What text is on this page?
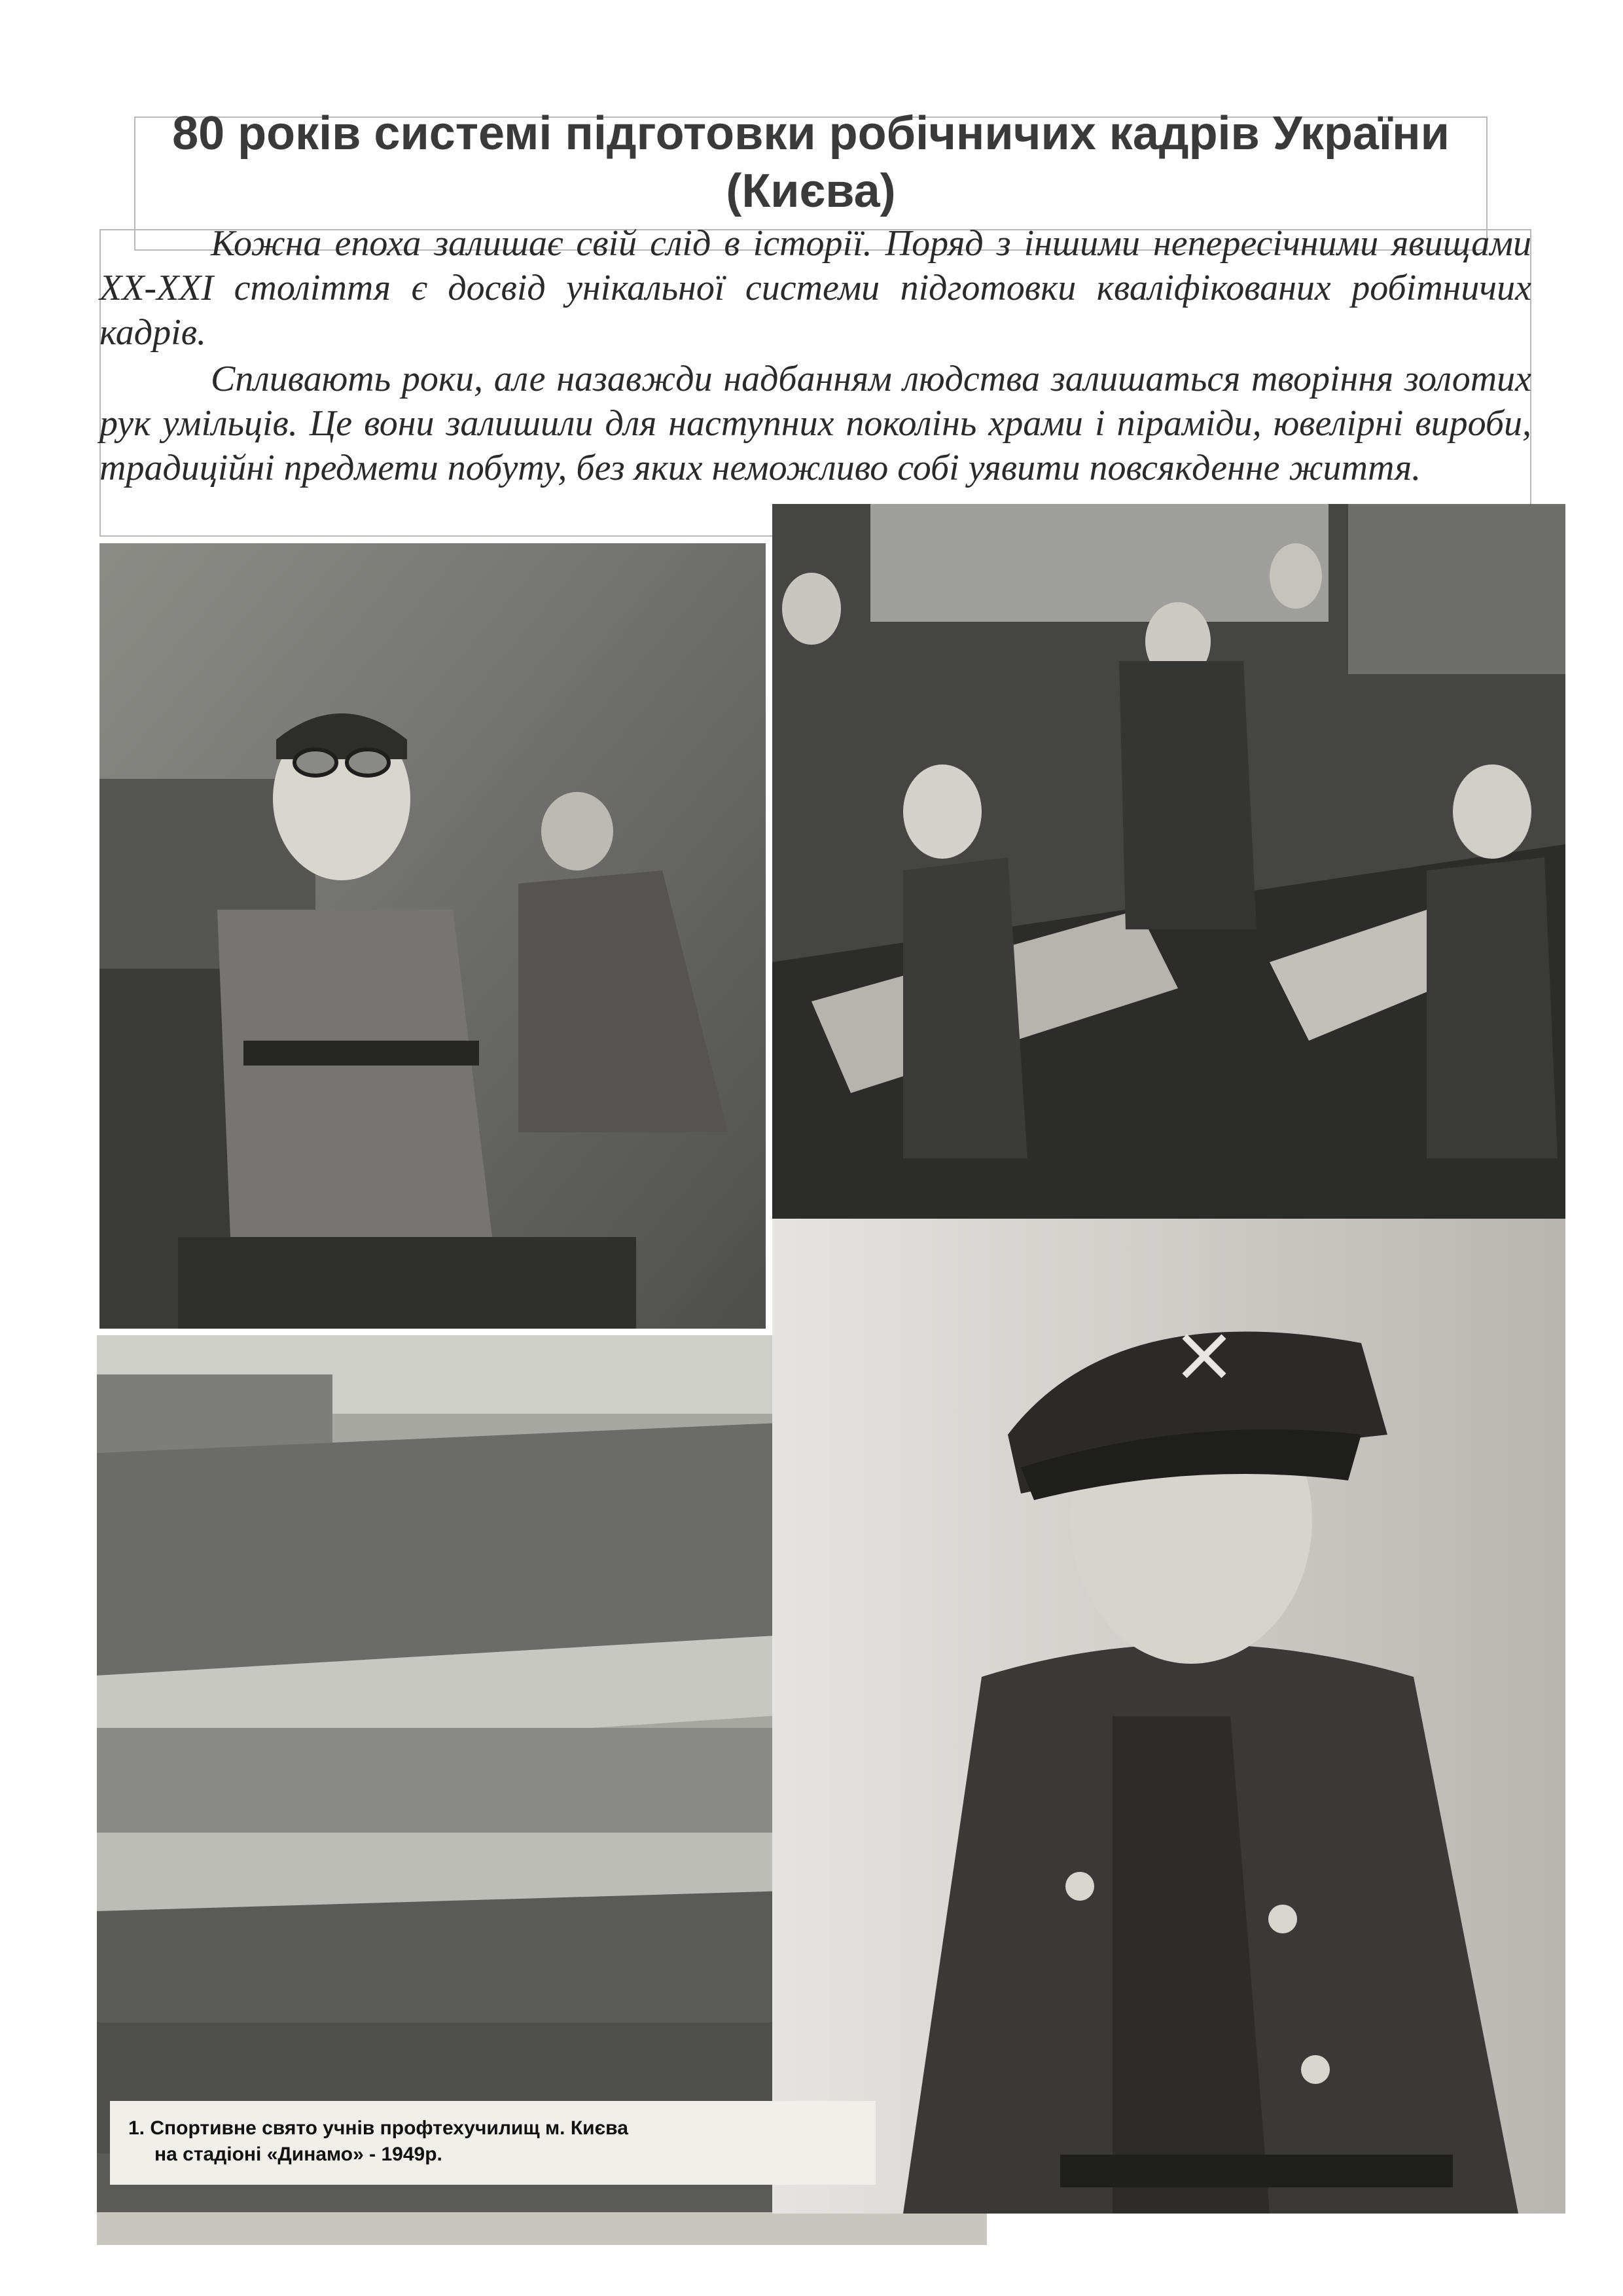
80 років системі підготовки робічничих кадрів України (Києва)

Кожна епоха залишає свій слід в історії. Поряд з іншими непересічними явищами XX-XXI століття є досвід унікальної системи підготовки кваліфікованих робітничих кадрів.

Спливають роки, але назавжди надбанням людства залишаться творіння золотих рук умільців. Це вони залишили для наступних поколінь храми і піраміди, ювелірні вироби, традиційні предмети побуту, без яких неможливо собі уявити повсякденне життя.

1. Спортивне свято учнів профтехучилищ м. Києва
на стадіоні «Динамо» - 1949р.
